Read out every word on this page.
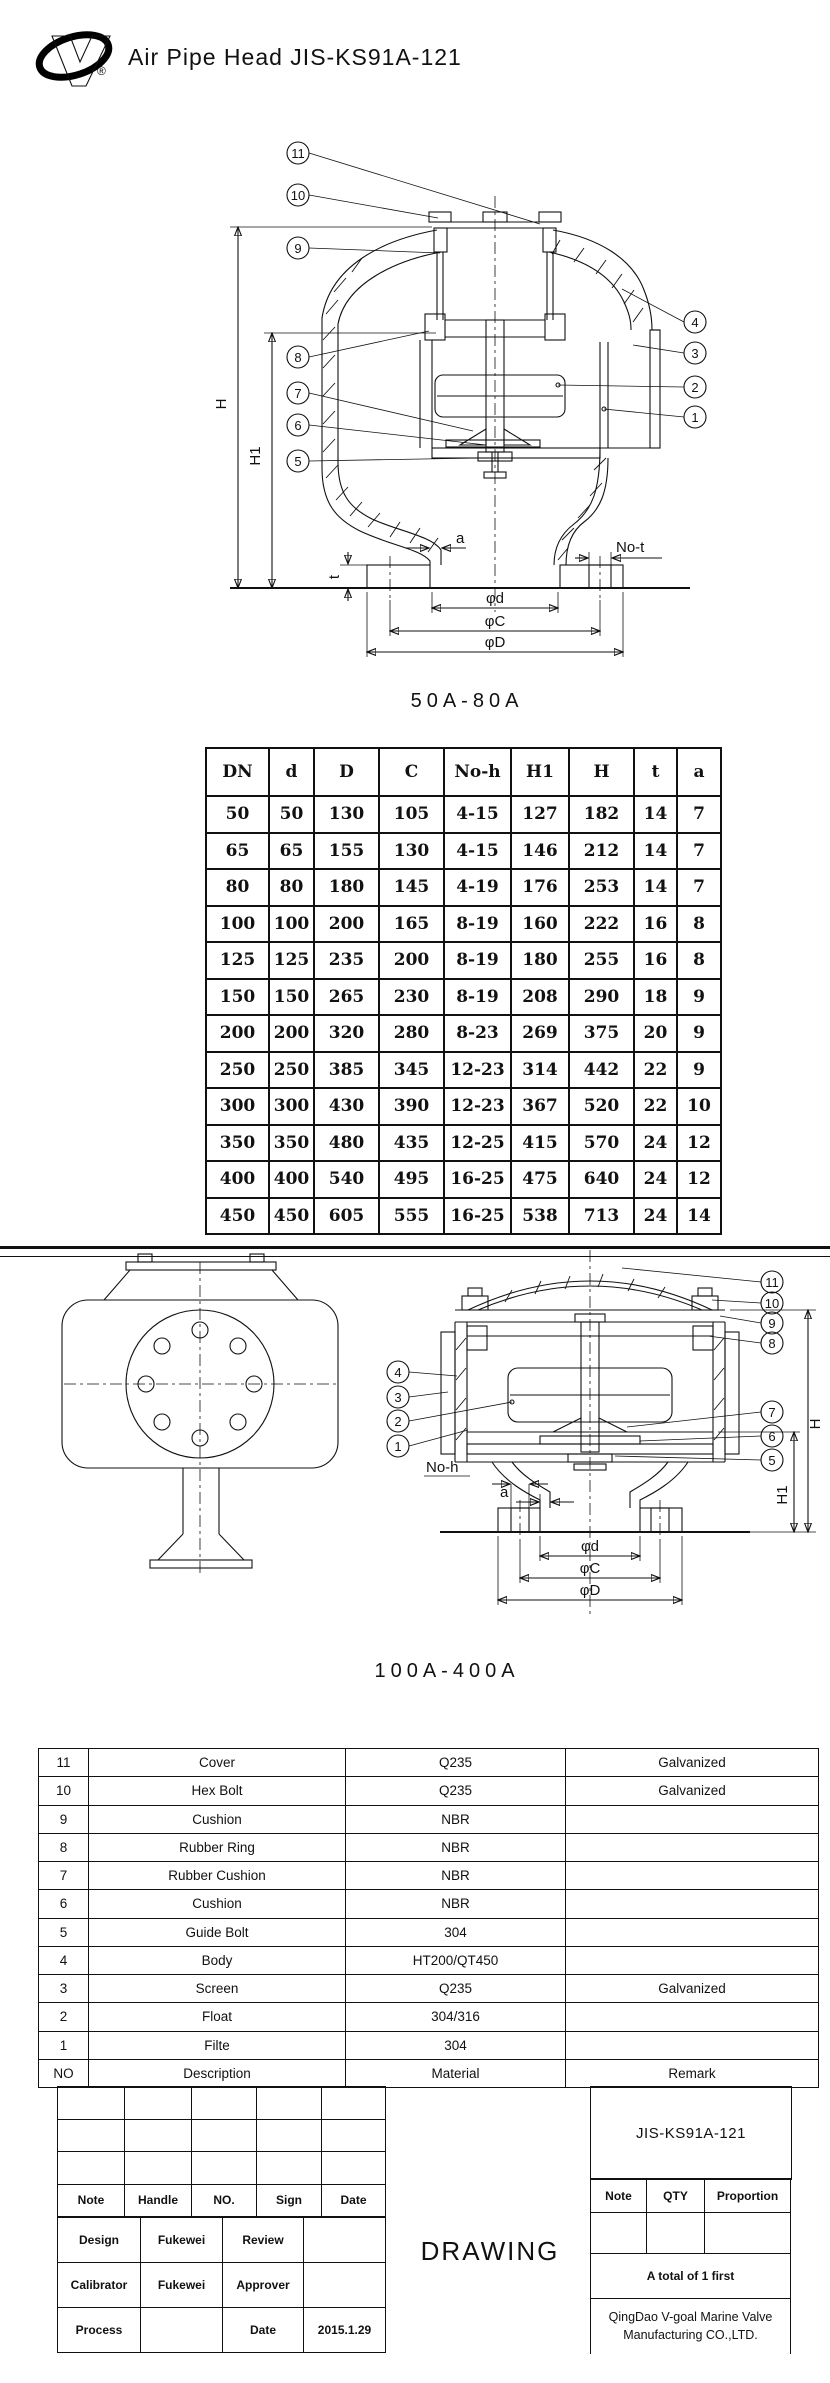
®
Air Pipe Head JIS-KS91A-121
H
H1
t
a
No-t
φd
φC
φD
11
10
9
8
7
6
5
4
3
2
1
50A-80A
DN	d	D	C	No-h	H1	H	t	a
50	50	130	105	4-15	127	182	14	7
65	65	155	130	4-15	146	212	14	7
80	80	180	145	4-19	176	253	14	7
100	100	200	165	8-19	160	222	16	8
125	125	235	200	8-19	180	255	16	8
150	150	265	230	8-19	208	290	18	9
200	200	320	280	8-23	269	375	20	9
250	250	385	345	12-23	314	442	22	9
300	300	430	390	12-23	367	520	22	10
350	350	480	435	12-25	415	570	24	12
400	400	540	495	16-25	475	640	24	12
450	450	605	555	16-25	538	713	24	14
H
H1
No-h
a
φd
φC
φD
11
10
9
8
4
3
2
1
7
6
5
100A-400A
11	Cover	Q235	Galvanized
10	Hex Bolt	Q235	Galvanized
9	Cushion	NBR	
8	Rubber Ring	NBR	
7	Rubber Cushion	NBR	
6	Cushion	NBR	
5	Guide Bolt	304	
4	Body	HT200/QT450	
3	Screen	Q235	Galvanized
2	Float	304/316	
1	Filte	304	
NO	Description	Material	Remark

Note	Handle	NO.	Sign	Date
Design	Fukewei	Review	
Calibrator	Fukewei	Approver	
Process		Date	2015.1.29
DRAWING
JIS-KS91A-121
Note	QTY	Proportion

A total of 1 first		

QingDao V-goal Marine Valve
Manufacturing CO.,LTD.		
